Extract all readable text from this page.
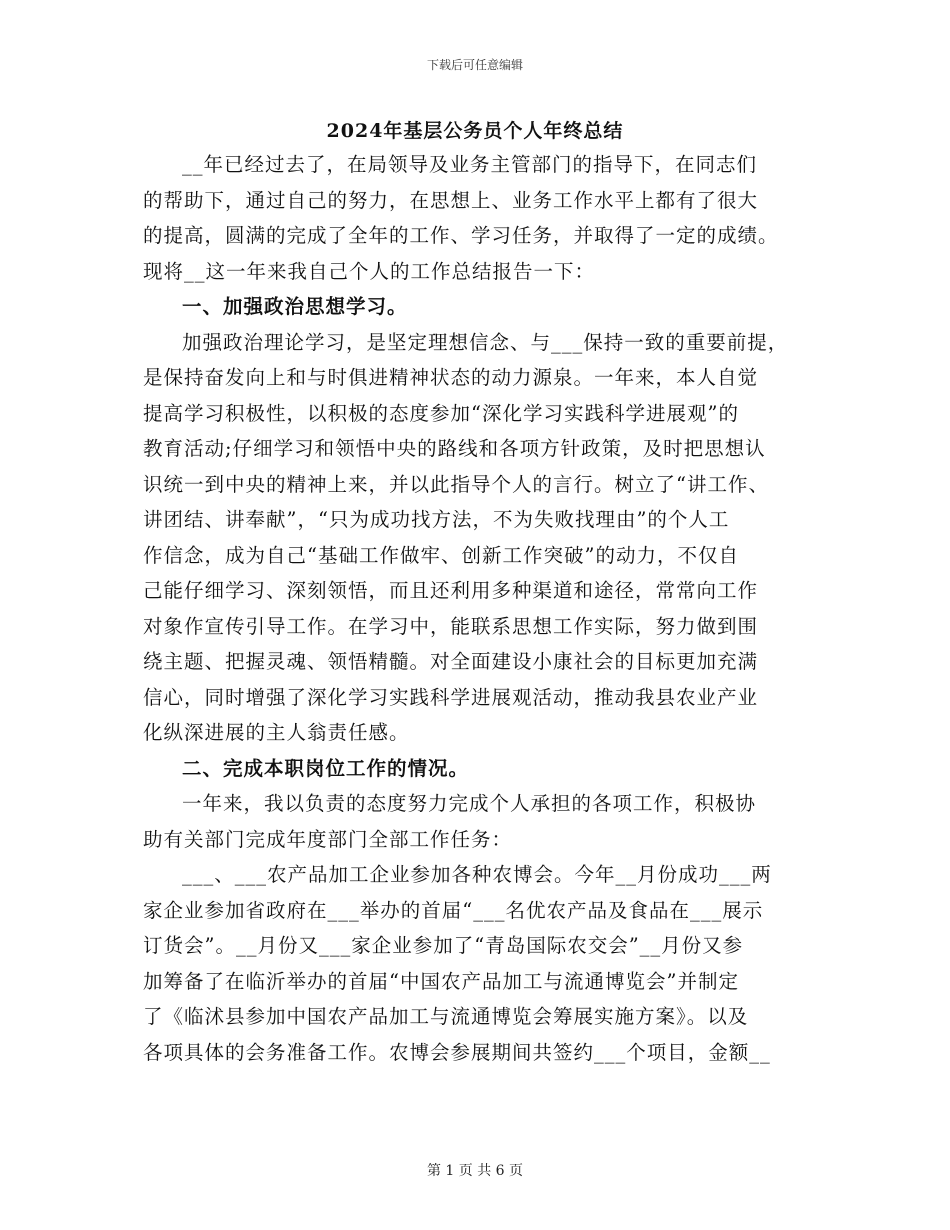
下载后可任意编辑
2024年基层公务员个人年终总结
__年已经过去了，在局领导及业务主管部门的指导下，在同志们
的帮助下，通过自己的努力，在思想上、业务工作水平上都有了很大
的提高，圆满的完成了全年的工作、学习任务，并取得了一定的成绩。
现将__这一年来我自己个人的工作总结报告一下：
一、加强政治思想学习。
加强政治理论学习，是坚定理想信念、与___保持一致的重要前提，
是保持奋发向上和与时俱进精神状态的动力源泉。一年来，本人自觉
提高学习积极性，以积极的态度参加“深化学习实践科学进展观”的
教育活动;仔细学习和领悟中央的路线和各项方针政策，及时把思想认
识统一到中央的精神上来，并以此指导个人的言行。树立了“讲工作、
讲团结、讲奉献”，“只为成功找方法，不为失败找理由”的个人工
作信念，成为自己“基础工作做牢、创新工作突破”的动力，不仅自
己能仔细学习、深刻领悟，而且还利用多种渠道和途径，常常向工作
对象作宣传引导工作。在学习中，能联系思想工作实际，努力做到围
绕主题、把握灵魂、领悟精髓。对全面建设小康社会的目标更加充满
信心，同时增强了深化学习实践科学进展观活动，推动我县农业产业
化纵深进展的主人翁责任感。
二、完成本职岗位工作的情况。
一年来，我以负责的态度努力完成个人承担的各项工作，积极协
助有关部门完成年度部门全部工作任务：
___、___农产品加工企业参加各种农博会。今年__月份成功___两
家企业参加省政府在___举办的首届“___名优农产品及食品在___展示
订货会”。__月份又___家企业参加了“青岛国际农交会”__月份又参
加筹备了在临沂举办的首届“中国农产品加工与流通博览会”并制定
了《临沭县参加中国农产品加工与流通博览会筹展实施方案》。以及
各项具体的会务准备工作。农博会参展期间共签约___个项目，金额__
第 1 页 共 6 页
